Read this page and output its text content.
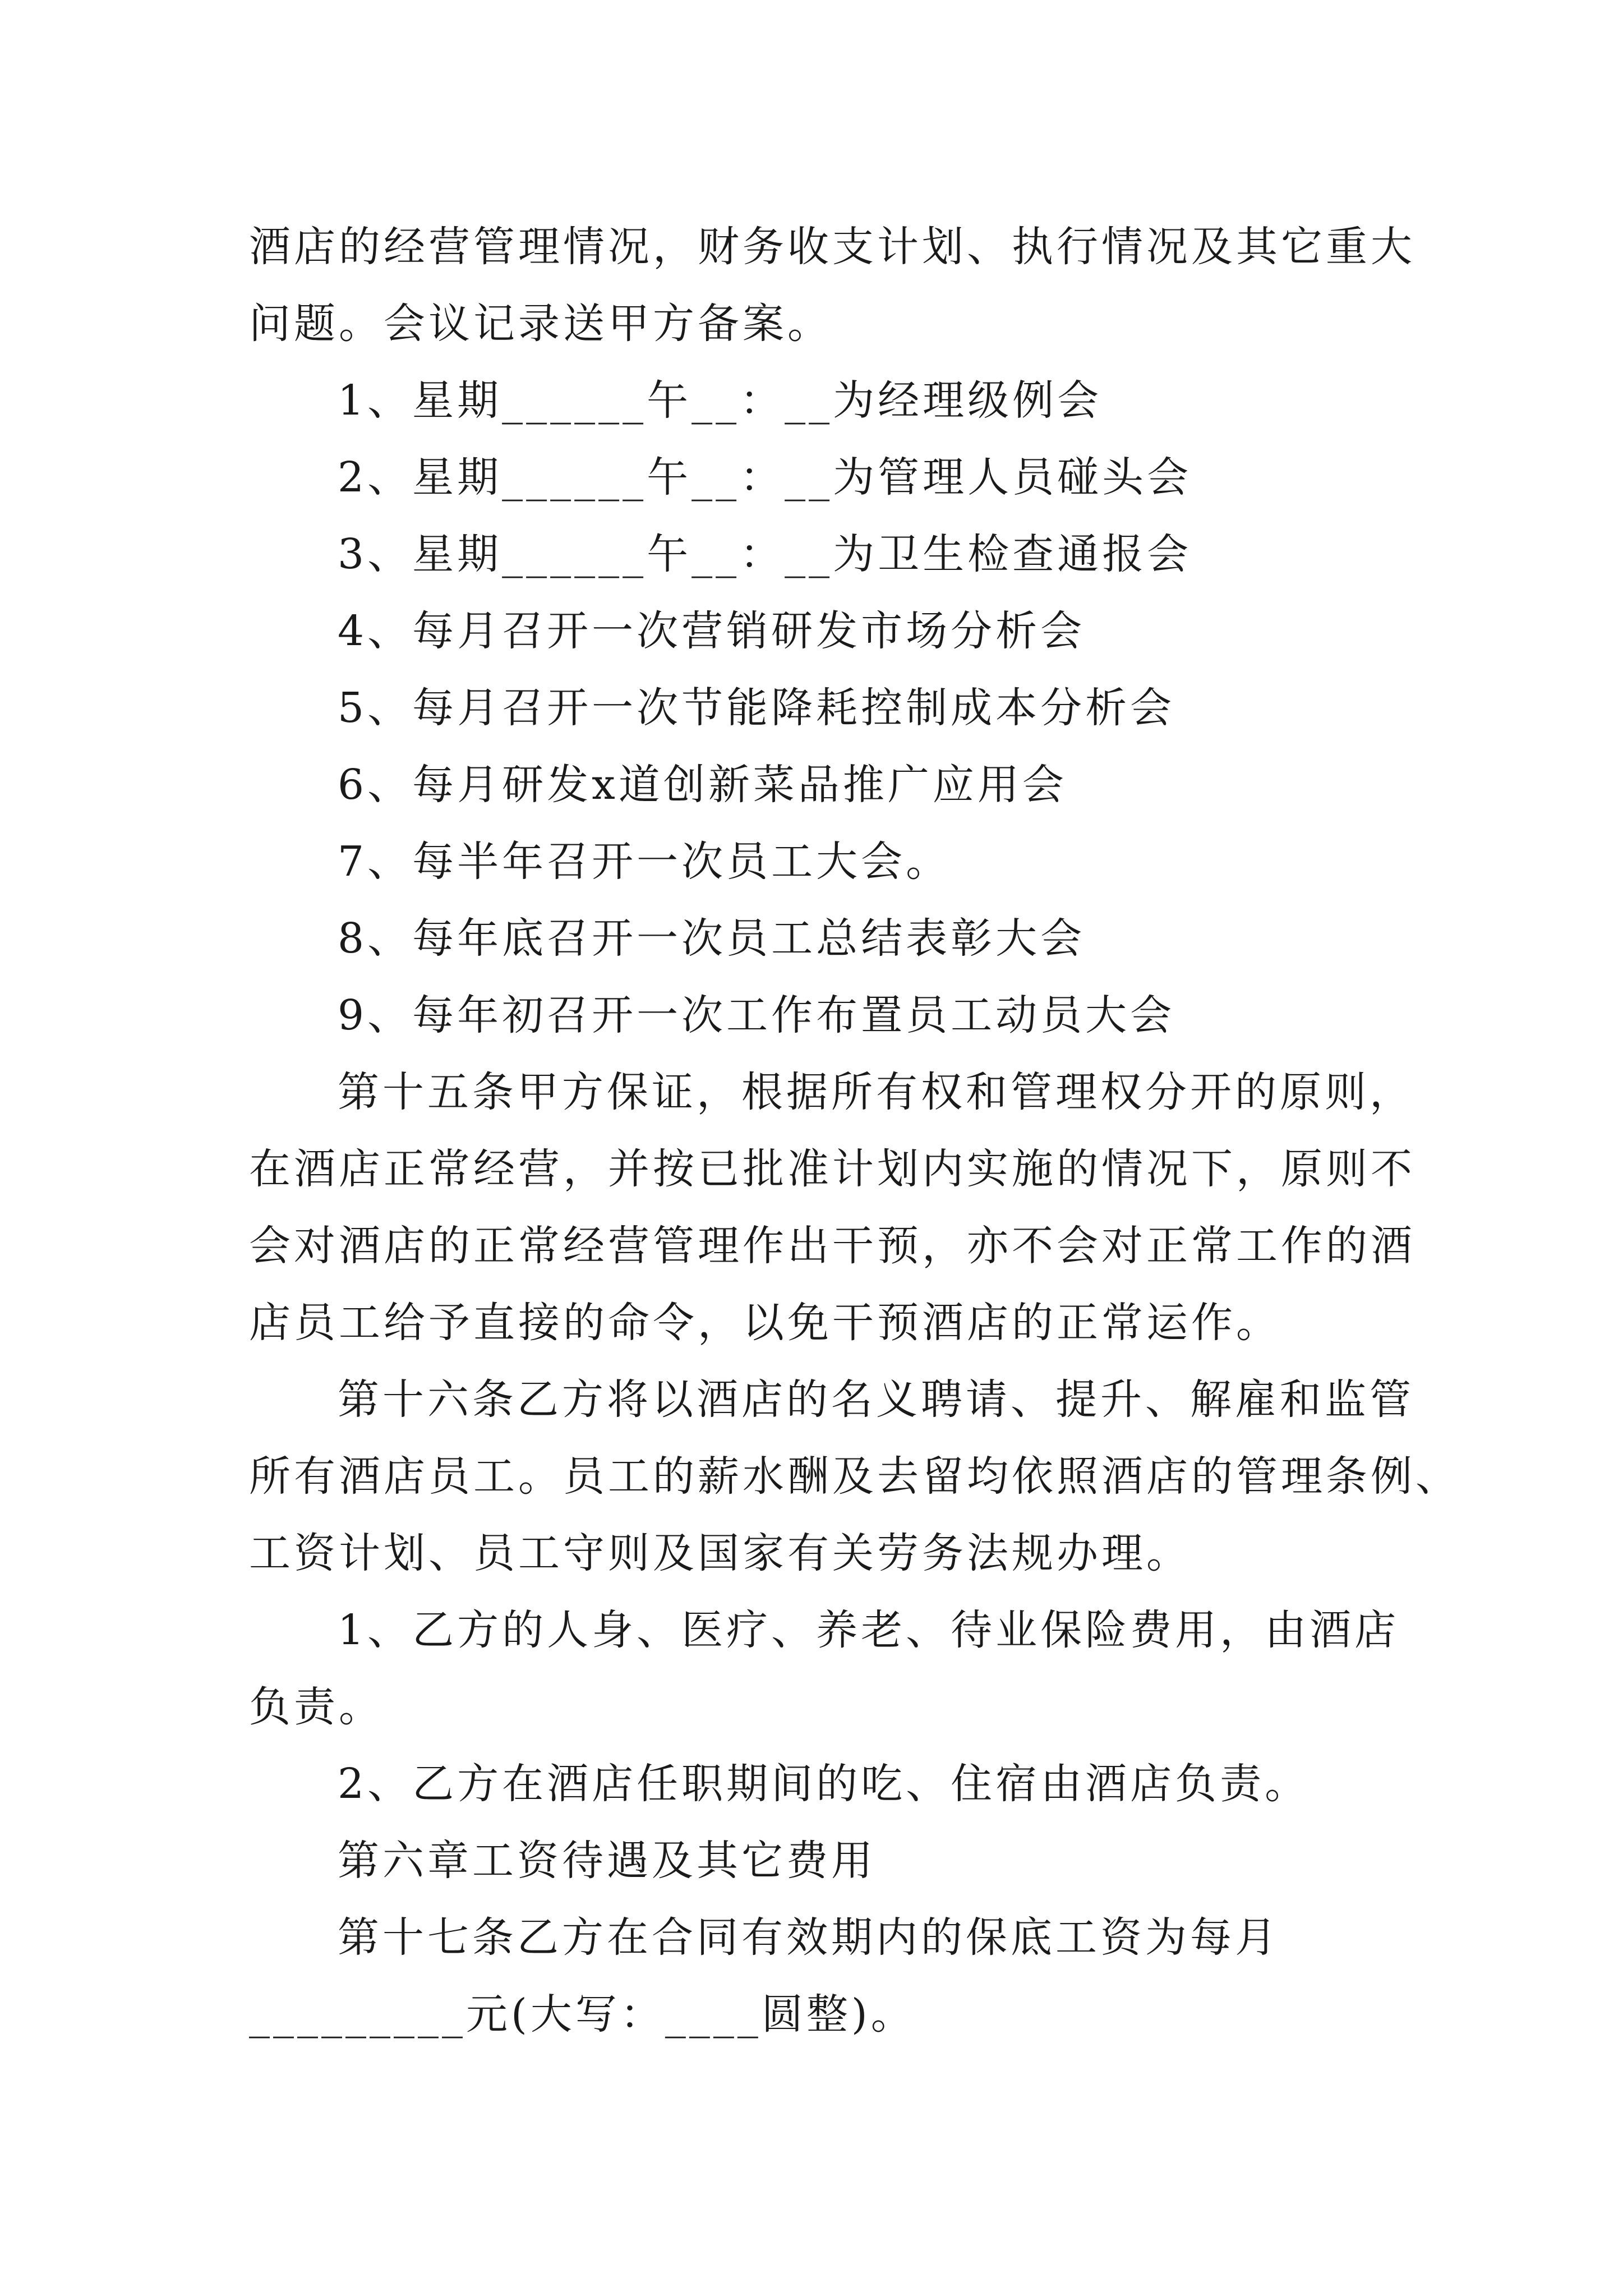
酒店的经营管理情况，财务收支计划、执行情况及其它重大
问题。会议记录送甲方备案。
1、星期______午__：__为经理级例会
2、星期______午__：__为管理人员碰头会
3、星期______午__：__为卫生检查通报会
4、每月召开一次营销研发市场分析会
5、每月召开一次节能降耗控制成本分析会
6、每月研发x道创新菜品推广应用会
7、每半年召开一次员工大会。
8、每年底召开一次员工总结表彰大会
9、每年初召开一次工作布置员工动员大会
第十五条甲方保证，根据所有权和管理权分开的原则，
在酒店正常经营，并按已批准计划内实施的情况下，原则不
会对酒店的正常经营管理作出干预，亦不会对正常工作的酒
店员工给予直接的命令，以免干预酒店的正常运作。
第十六条乙方将以酒店的名义聘请、提升、解雇和监管
所有酒店员工。员工的薪水酬及去留均依照酒店的管理条例、
工资计划、员工守则及国家有关劳务法规办理。
1、乙方的人身、医疗、养老、待业保险费用，由酒店
负责。
2、乙方在酒店任职期间的吃、住宿由酒店负责。
第六章工资待遇及其它费用
第十七条乙方在合同有效期内的保底工资为每月
_________元(大写：____圆整)。
